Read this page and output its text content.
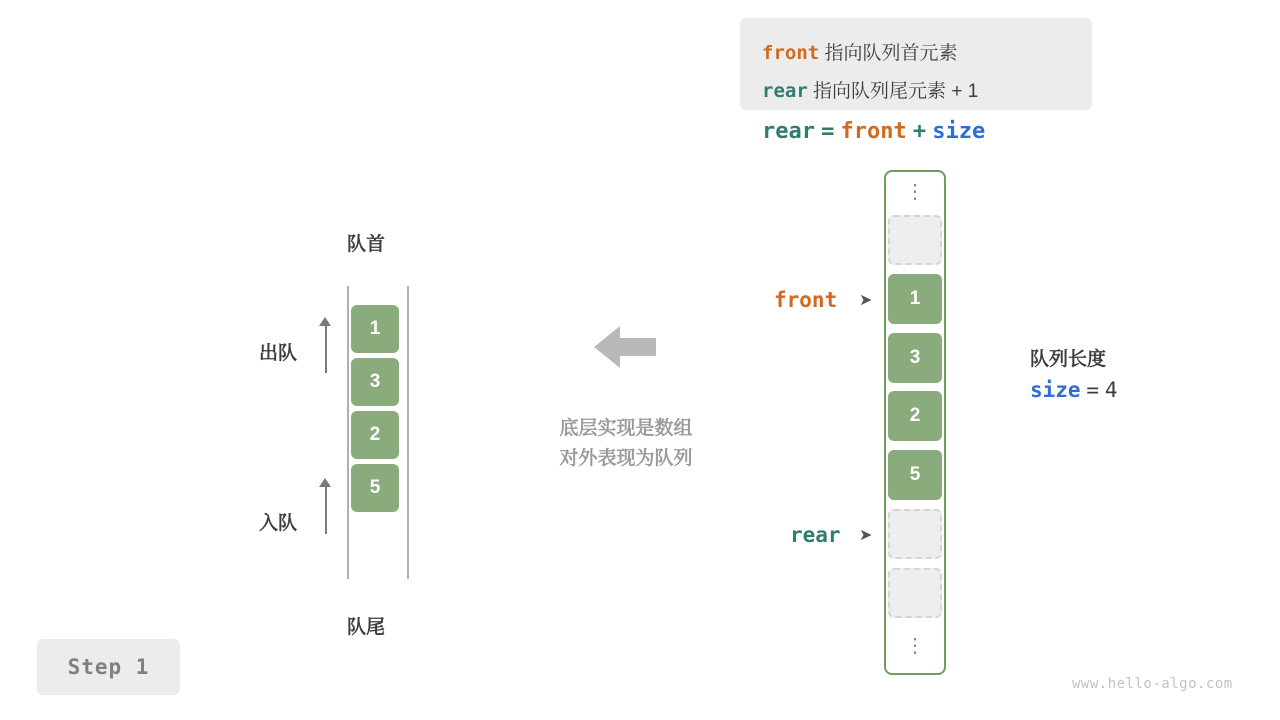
front 指向队列首元素
rear 指向队列尾元素 + 1
rear = front + size
队首
队尾
1
3
2
5
出队
入队
底层实现是数组
对外表现为队列
⋮
⋮
1
3
2
5
front ➤
rear ➤
队列长度
size = 4
Step 1
www.hello-algo.com
